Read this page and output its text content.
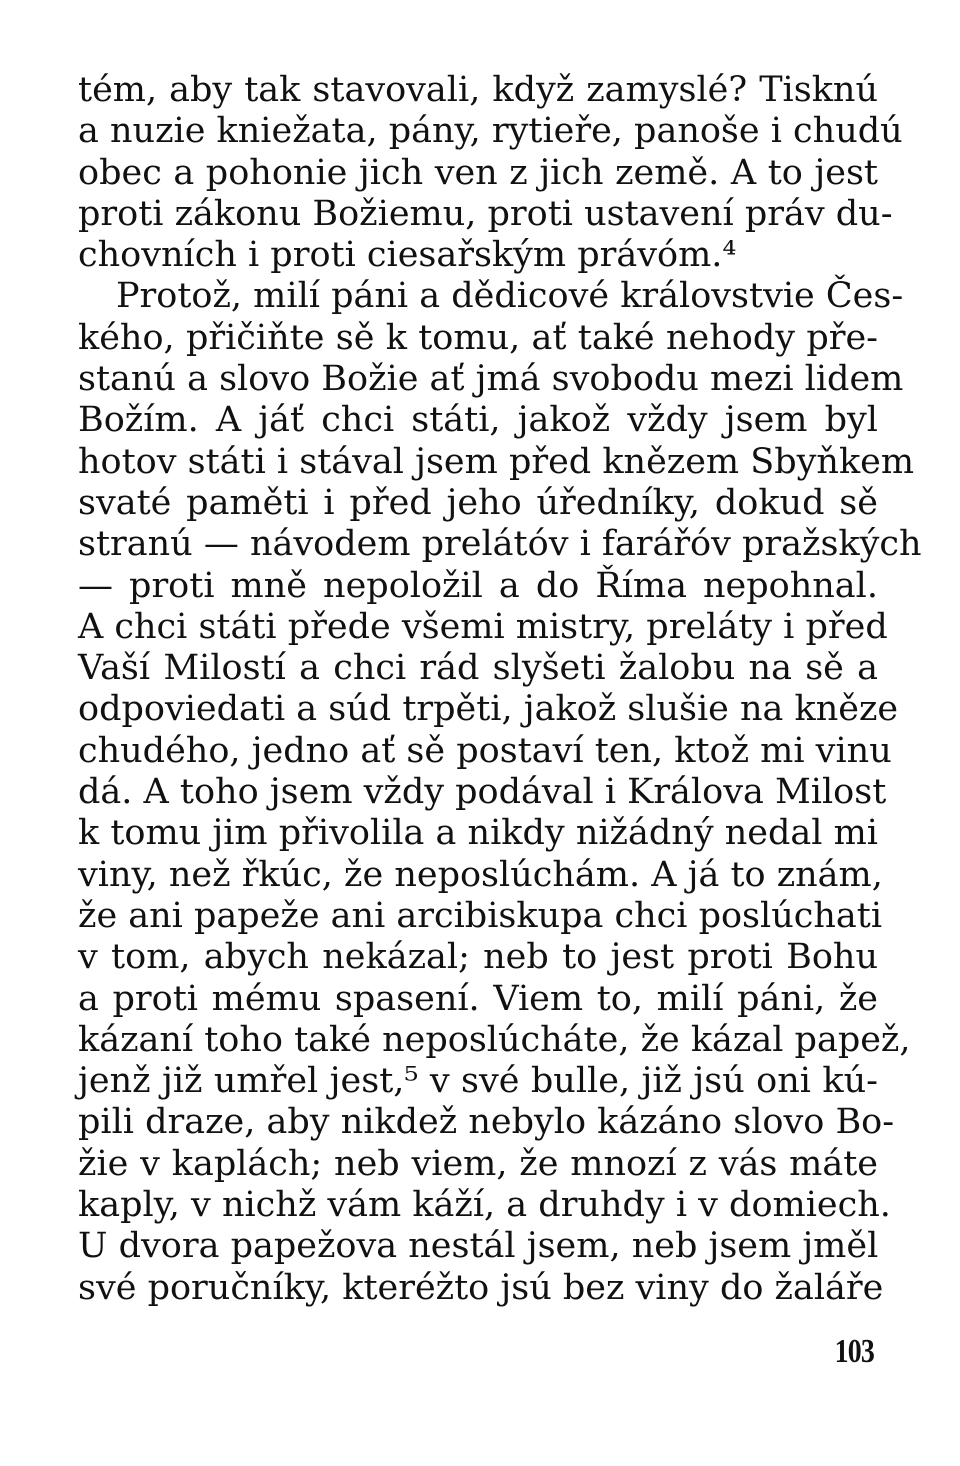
tém, aby tak stavovali, když zamyslé? Tisknú
a nuzie kniežata, pány, rytieře, panoše i chudú
obec a pohonie jich ven z jich země. A to jest
proti zákonu Božiemu, proti ustavení práv du-
chovních i proti ciesařským právóm.⁴
Protož, milí páni a dědicové královstvie Čes-
kého, přičiňte sě k tomu, ať také nehody pře-
stanú a slovo Božie ať jmá svobodu mezi lidem
Božím. A jáť chci státi, jakož vždy jsem byl
hotov státi i stával jsem před knězem Sbyňkem
svaté paměti i před jeho úředníky, dokud sě
stranú — návodem prelátóv i farářóv pražských
— proti mně nepoložil a do Říma nepohnal.
A chci státi přede všemi mistry, preláty i před
Vaší Milostí a chci rád slyšeti žalobu na sě a
odpoviedati a súd trpěti, jakož slušie na kněze
chudého, jedno ať sě postaví ten, ktož mi vinu
dá. A toho jsem vždy podával i Králova Milost
k tomu jim přivolila a nikdy nižádný nedal mi
viny, než řkúc, že neposlúchám. A já to znám,
že ani papeže ani arcibiskupa chci poslúchati
v tom, abych nekázal; neb to jest proti Bohu
a proti mému spasení. Viem to, milí páni, že
kázaní toho také neposlúcháte, že kázal papež,
jenž již umřel jest,⁵ v své bulle, již jsú oni kú-
pili draze, aby nikdež nebylo kázáno slovo Bo-
žie v kaplách; neb viem, že mnozí z vás máte
kaply, v nichž vám káží, a druhdy i v domiech.
U dvora papežova nestál jsem, neb jsem jměl
své poručníky, kteréžto jsú bez viny do žaláře
103
